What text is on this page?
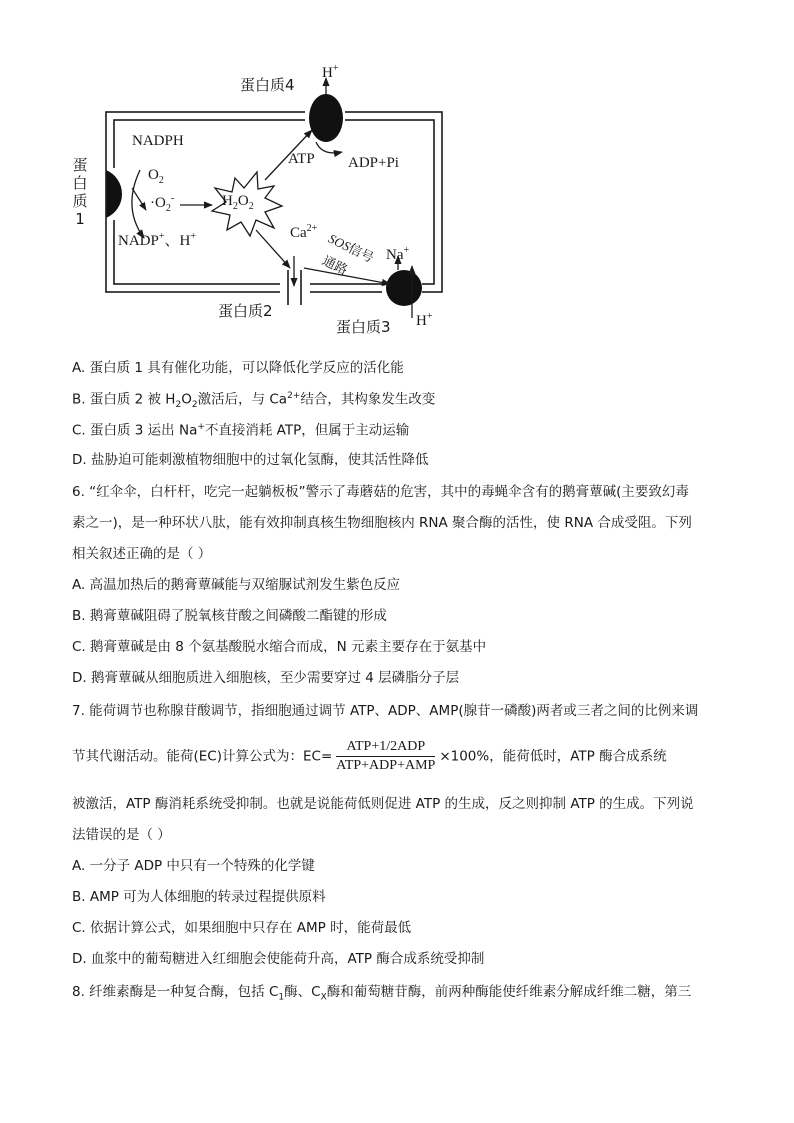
H+
蛋白质4
NADPH
$O_2$
$\cdot O_2^-$	$H_2O_2$
ATP ADP+Pi
NADP+、H+	$Ca^{2+}$
SOS信号
通路 Na+
蛋白质2
蛋白质3 H+
蛋
白
质
1
A. 蛋白质 1 具有催化功能，可以降低化学反应的活化能
B. 蛋白质 2 被 $H_2O_2$激活后，与 $Ca^{2+}$结合，其构象发生改变
C. 蛋白质 3 运出 Na+不直接消耗 ATP，但属于主动运输
D. 盐胁迫可能刺激植物细胞中的过氧化氢酶，使其活性降低
6. “红伞伞，白杆杆，吃完一起躺板板”警示了毒蘑菇的危害，其中的毒蝇伞含有的鹅膏蕈碱(主要致幻毒
素之一)，是一种环状八肽，能有效抑制真核生物细胞核内 RNA 聚合酶的活性，使 RNA 合成受阻。下列
相关叙述正确的是（ ）
A. 高温加热后的鹅膏蕈碱能与双缩脲试剂发生紫色反应
B. 鹅膏蕈碱阻碍了脱氧核苷酸之间磷酸二酯键的形成
C. 鹅膏蕈碱是由 8 个氨基酸脱水缩合而成，N 元素主要存在于氨基中
D. 鹅膏蕈碱从细胞质进入细胞核，至少需要穿过 4 层磷脂分子层
7. 能荷调节也称腺苷酸调节，指细胞通过调节 ATP、ADP、AMP(腺苷一磷酸)两者或三者之间的比例来调
节其代谢活动。能荷(EC)计算公式为：$EC= \frac{\text{ATP+1/2ADP}}{\text{ATP+ADP+AMP}} \times 100\%$，能荷低时，ATP 酶合成系统
被激活，ATP 酶消耗系统受抑制。也就是说能荷低则促进 ATP 的生成，反之则抑制 ATP 的生成。下列说
法错误的是（ ）
A. 一分子 ADP 中只有一个特殊的化学键
B. AMP 可为人体细胞的转录过程提供原料
C. 依据计算公式，如果细胞中只存在 AMP 时，能荷最低
D. 血浆中的葡萄糖进入红细胞会使能荷升高，ATP 酶合成系统受抑制
8. 纤维素酶是一种复合酶，包括 $C_1$酶、$C_X$酶和葡萄糖苷酶，前两种酶能使纤维素分解成纤维二糖，第三
